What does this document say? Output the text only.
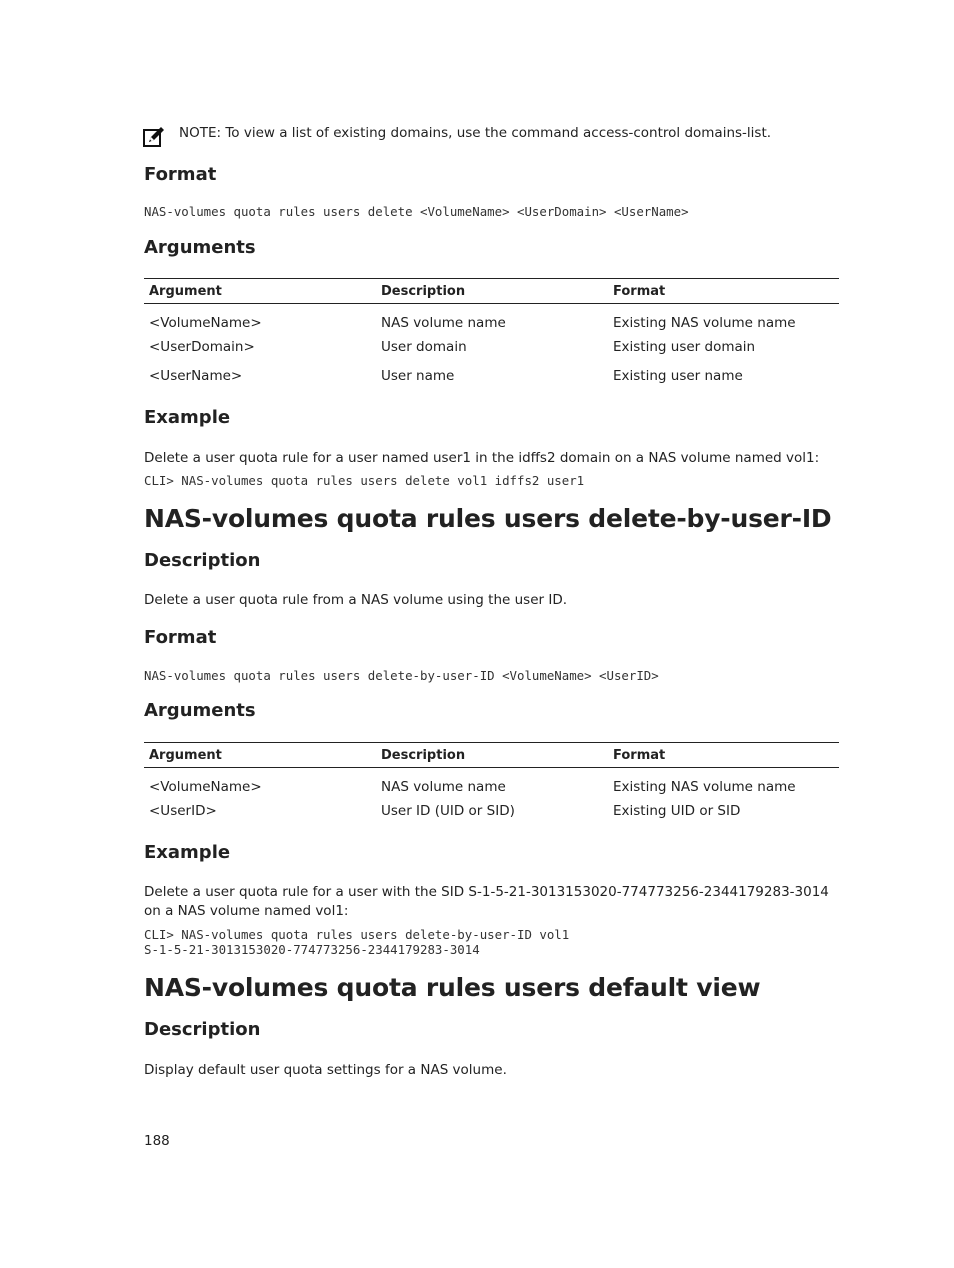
NOTE: To view a list of existing domains, use the command access-control domains-list.
Format
NAS-volumes quota rules users delete <VolumeName> <UserDomain> <UserName>
Arguments
Argument	Description	Format
<VolumeName>	NAS volume name	Existing NAS volume name
<UserDomain>	User domain	Existing user domain
<UserName>	User name	Existing user name
Example

Delete a user quota rule for a user named user1 in the idffs2 domain on a NAS volume named vol1:

CLI> NAS-volumes quota rules users delete vol1 idffs2 user1
NAS-volumes quota rules users delete-by-user-ID
Description

Delete a user quota rule from a NAS volume using the user ID.

Format
NAS-volumes quota rules users delete-by-user-ID <VolumeName> <UserID>
Arguments
Argument	Description	Format
<VolumeName>	NAS volume name	Existing NAS volume name
<UserID>	User ID (UID or SID)	Existing UID or SID
Example

Delete a user quota rule for a user with the SID S-1-5-21-3013153020-774773256-2344179283-3014 on a NAS volume named vol1:

CLI> NAS-volumes quota rules users delete-by-user-ID vol1
S-1-5-21-3013153020-774773256-2344179283-3014
NAS-volumes quota rules users default view
Description

Display default user quota settings for a NAS volume.

188
